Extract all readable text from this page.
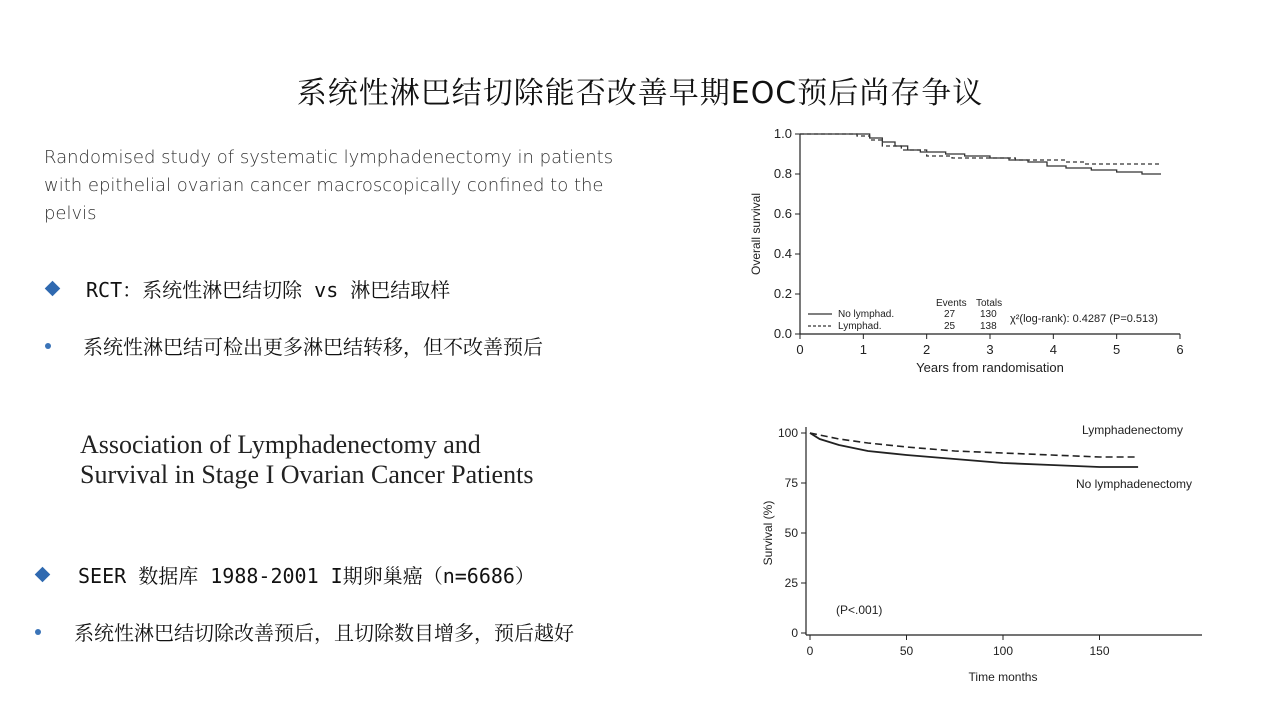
系统性淋巴结切除能否改善早期EOC预后尚存争议
Randomised study of systematic lymphadenectomy in patients with epithelial ovarian cancer macroscopically confined to the pelvis
RCT：系统性淋巴结切除 vs 淋巴结取样
系统性淋巴结可检出更多淋巴结转移，但不改善预后
Association of Lymphadenectomy and
Survival in Stage I Ovarian Cancer Patients
SEER 数据库 1988-2001 I期卵巢癌（n=6686）
系统性淋巴结切除改善预后，且切除数目增多，预后越好
0.0
0.2
0.4
0.6
0.8
1.0
0	1	2	3	4	5	6
Years from randomisation
Overall survival
Events Totals
No lymphad.	27 130
Lymphad.	25 138
χ²(log-rank): 0.4287 (P=0.513)
0
25
50
75
100
0	50	100	150
Time months
Survival (%)
Lymphadenectomy
No lymphadenectomy
(P<.001)
